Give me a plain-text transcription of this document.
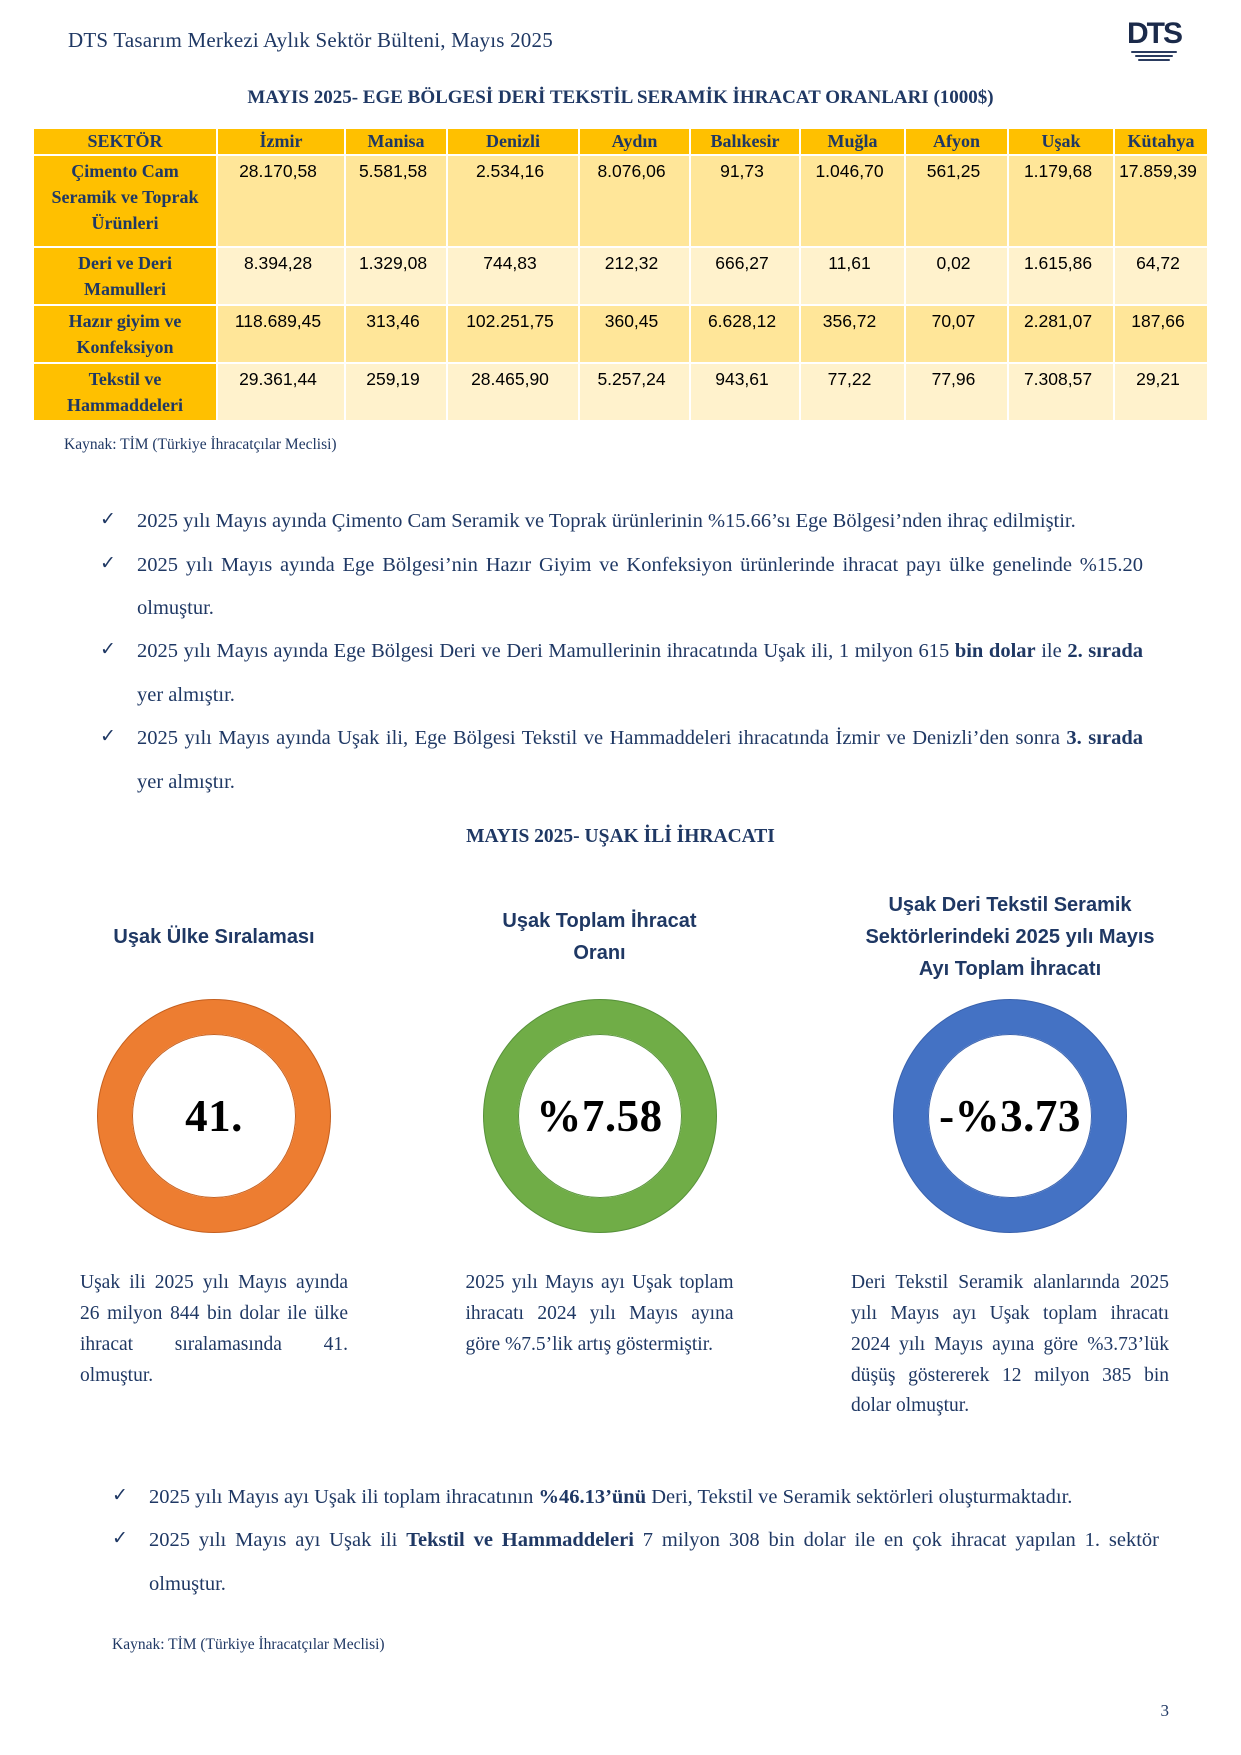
DTS Tasarım Merkezi Aylık Sektör Bülteni, Mayıs 2025	DTS
MAYIS 2025- EGE BÖLGESİ DERİ TEKSTİL SERAMİK İHRACAT ORANLARI (1000$)
SEKTÖR	İzmir	Manisa	Denizli	Aydın	Balıkesir	Muğla	Afyon	Uşak	Kütahya
Çimento Cam Seramik ve Toprak Ürünleri	28.170,58	5.581,58	2.534,16	8.076,06	91,73	1.046,70	561,25	1.179,68	17.859,39
Deri ve Deri Mamulleri	8.394,28	1.329,08	744,83	212,32	666,27	11,61	0,02	1.615,86	64,72
Hazır giyim ve Konfeksiyon	118.689,45	313,46	102.251,75	360,45	6.628,12	356,72	70,07	2.281,07	187,66
Tekstil ve Hammaddeleri	29.361,44	259,19	28.465,90	5.257,24	943,61	77,22	77,96	7.308,57	29,21
Kaynak: TİM (Türkiye İhracatçılar Meclisi)
✓	2025 yılı Mayıs ayında Çimento Cam Seramik ve Toprak ürünlerinin %15.66’sı Ege Bölgesi’nden ihraç edilmiştir.
✓	2025 yılı Mayıs ayında Ege Bölgesi’nin Hazır Giyim ve Konfeksiyon ürünlerinde ihracat payı ülke genelinde %15.20 olmuştur.
✓	2025 yılı Mayıs ayında Ege Bölgesi Deri ve Deri Mamullerinin ihracatında Uşak ili, 1 milyon 615 bin dolar ile 2. sırada yer almıştır.
✓	2025 yılı Mayıs ayında Uşak ili, Ege Bölgesi Tekstil ve Hammaddeleri ihracatında İzmir ve Denizli’den sonra 3. sırada yer almıştır.
MAYIS 2025- UŞAK İLİ İHRACATI
Uşak Ülke Sıralaması
41.

Uşak ili 2025 yılı Mayıs ayında 26 milyon 844 bin dolar ile ülke ihracat sıralamasında 41. olmuştur.

Uşak Toplam İhracat Oranı
%7.58

2025 yılı Mayıs ayı Uşak toplam ihracatı 2024 yılı Mayıs ayına göre %7.5’lik artış göstermiştir.

Uşak Deri Tekstil Seramik Sektörlerindeki 2025 yılı Mayıs Ayı Toplam İhracatı
-%3.73

Deri Tekstil Seramik alanlarında 2025 yılı Mayıs ayı Uşak toplam ihracatı 2024 yılı Mayıs ayına göre %3.73’lük düşüş göstererek 12 milyon 385 bin dolar olmuştur.

✓	2025 yılı Mayıs ayı Uşak ili toplam ihracatının %46.13’ünü Deri, Tekstil ve Seramik sektörleri oluşturmaktadır.
✓	2025 yılı Mayıs ayı Uşak ili Tekstil ve Hammaddeleri 7 milyon 308 bin dolar ile en çok ihracat yapılan 1. sektör olmuştur.
Kaynak: TİM (Türkiye İhracatçılar Meclisi)
3
